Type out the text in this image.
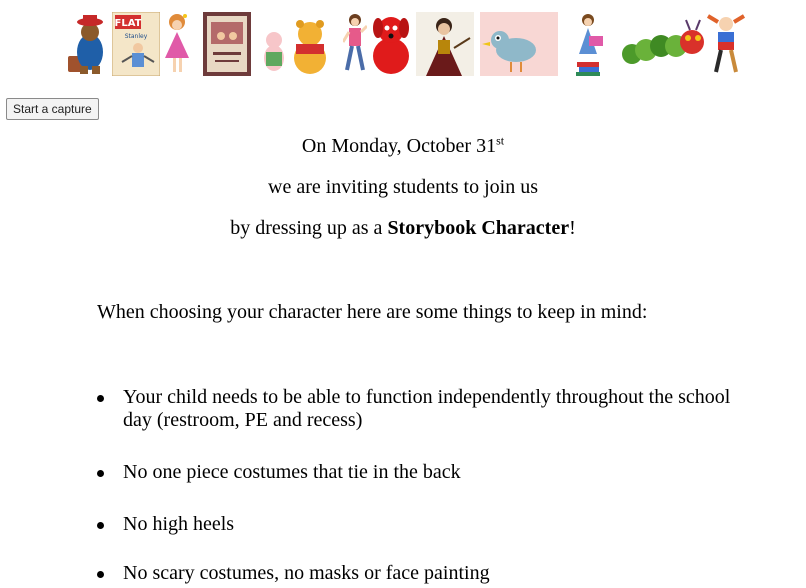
FLAT
Stanley
Start a capture
On Monday, October 31st
we are inviting students to join us
by dressing up as a Storybook Character!
When choosing your character here are some things to keep in mind:
Your child needs to be able to function independently throughout the school day (restroom, PE and recess)
No one piece costumes that tie in the back
No high heels
No scary costumes, no masks or face painting
